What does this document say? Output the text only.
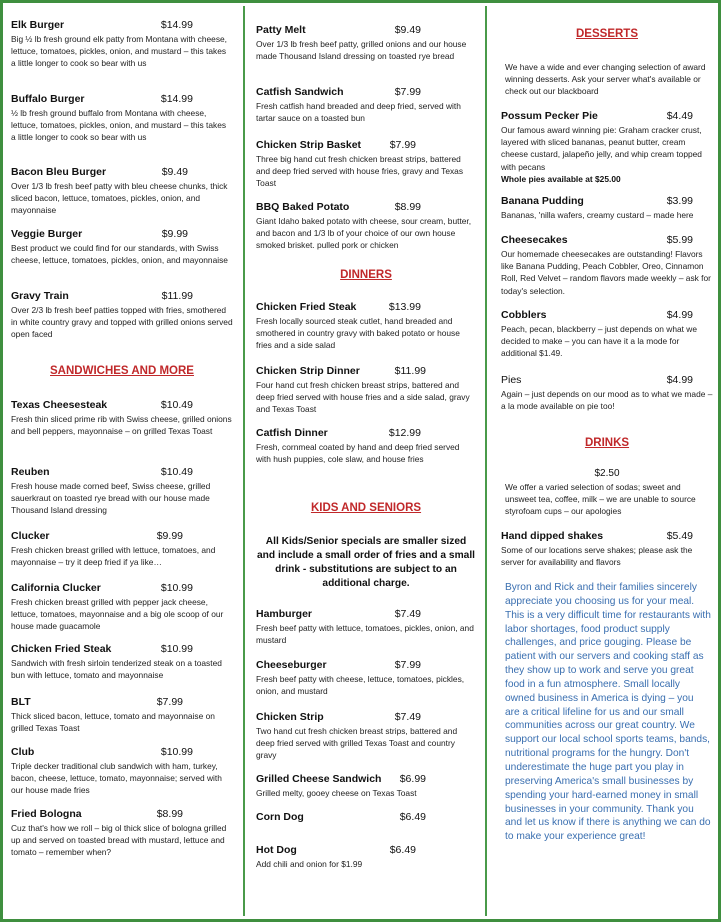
Elk Burger	$14.99
Big ½ lb fresh ground elk patty from Montana with cheese, lettuce, tomatoes, pickles, onion, and mustard – this takes a little longer to cook so bear with us
Buffalo Burger	$14.99
½ lb fresh ground buffalo from Montana with cheese, lettuce, tomatoes, pickles, onion, and mustard – this takes a little longer to cook so bear with us
Bacon Bleu Burger	$9.49
Over 1/3 lb fresh beef patty with bleu cheese chunks, thick sliced bacon, lettuce, tomatoes, pickles, onion, and mayonnaise
Veggie Burger	$9.99
Best product we could find for our standards, with Swiss cheese, lettuce, tomatoes, pickles, onion, and mayonnaise
Gravy Train	$11.99
Over 2/3 lb fresh beef patties topped with fries, smothered in white country gravy and topped with grilled onions served open faced
SANDWICHES AND MORE
Texas Cheesesteak	$10.49
Fresh thin sliced prime rib with Swiss cheese, grilled onions and bell peppers, mayonnaise – on grilled Texas Toast
Reuben	$10.49
Fresh house made corned beef, Swiss cheese, grilled sauerkraut on toasted rye bread with our house made Thousand Island dressing
Clucker	$9.99
Fresh chicken breast grilled with lettuce, tomatoes, and mayonnaise – try it deep fried if ya like…
California Clucker	$10.99
Fresh chicken breast grilled with pepper jack cheese, lettuce, tomatoes, mayonnaise and a big ole scoop of our house made guacamole
Chicken Fried Steak	$10.99
Sandwich with fresh sirloin tenderized steak on a toasted bun with lettuce, tomato and mayonnaise
BLT	$7.99
Thick sliced bacon, lettuce, tomato and mayonnaise on grilled Texas Toast
Club	$10.99
Triple decker traditional club sandwich with ham, turkey, bacon, cheese, lettuce, tomato, mayonnaise; served with our house made fries
Fried Bologna	$8.99
Cuz that's how we roll – big ol thick slice of bologna grilled up and served on toasted bread with mustard, lettuce and tomato – remember when?
Patty Melt	$9.49
Over 1/3 lb fresh beef patty, grilled onions and our house made Thousand Island dressing on toasted rye bread
Catfish Sandwich	$7.99
Fresh catfish hand breaded and deep fried, served with tartar sauce on a toasted bun
Chicken Strip Basket	$7.99
Three big hand cut fresh chicken breast strips, battered and deep fried served with house fries, gravy and Texas Toast
BBQ Baked Potato	$8.99
Giant Idaho baked potato with cheese, sour cream, butter, and bacon and 1/3 lb of your choice of our own house smoked brisket. pulled pork or chicken
DINNERS
Chicken Fried Steak	$13.99
Fresh locally sourced steak cutlet, hand breaded and smothered in country gravy with baked potato or house fries and a side salad
Chicken Strip Dinner	$11.99
Four hand cut fresh chicken breast strips, battered and deep fried served with house fries and a side salad, gravy and Texas Toast
Catfish Dinner	$12.99
Fresh, cornmeal coated by hand and deep fried served with hush puppies, cole slaw, and house fries
KIDS AND SENIORS
All Kids/Senior specials are smaller sized and include a small order of fries and a small drink - substitutions are subject to an additional charge.
Hamburger	$7.49
Fresh beef patty with lettuce, tomatoes, pickles, onion, and mustard
Cheeseburger	$7.99
Fresh beef patty with cheese, lettuce, tomatoes, pickles, onion, and mustard
Chicken Strip	$7.49
Two hand cut fresh chicken breast strips, battered and deep fried served with grilled Texas Toast and country gravy
Grilled Cheese Sandwich $6.99
Grilled melty, gooey cheese on Texas Toast
Corn Dog	$6.49
Hot Dog	$6.49
Add chili and onion for $1.99
DESSERTS
We have a wide and ever changing selection of award winning desserts. Ask your server what's available or check out our blackboard
Possum Pecker Pie	$4.49
Our famous award winning pie: Graham cracker crust, layered with sliced bananas, peanut butter, cream cheese custard, jalapeño jelly, and whip cream topped with pecans
Whole pies available at $25.00
Banana Pudding	$3.99
Bananas, 'nilla wafers, creamy custard – made here
Cheesecakes	$5.99
Our homemade cheesecakes are outstanding! Flavors like Banana Pudding, Peach Cobbler, Oreo, Cinnamon Roll, Red Velvet – random flavors made weekly – ask for today's selection.
Cobblers	$4.99
Peach, pecan, blackberry – just depends on what we decided to make – you can have it a la mode for additional $1.49.
Pies	$4.99
Again – just depends on our mood as to what we made – a la mode available on pie too!
DRINKS
$2.50
We offer a varied selection of sodas; sweet and unsweet tea, coffee, milk – we are unable to source styrofoam cups – our apologies
Hand dipped shakes	$5.49
Some of our locations serve shakes; please ask the server for availability and flavors
Byron and Rick and their families sincerely appreciate you choosing us for your meal. This is a very difficult time for restaurants with labor shortages, food product supply challenges, and price gouging. Please be patient with our servers and cooking staff as they show up to work and serve you great food in a fun atmosphere. Small locally owned business in America is dying – you are a critical lifeline for us and our small communities across our great country. We support our local school sports teams, bands, nutritional programs for the hungry. Don't underestimate the huge part you play in preserving America's small businesses by spending your hard-earned money in small businesses in your community. Thank you and let us know if there is anything we can do to make your experience great!
